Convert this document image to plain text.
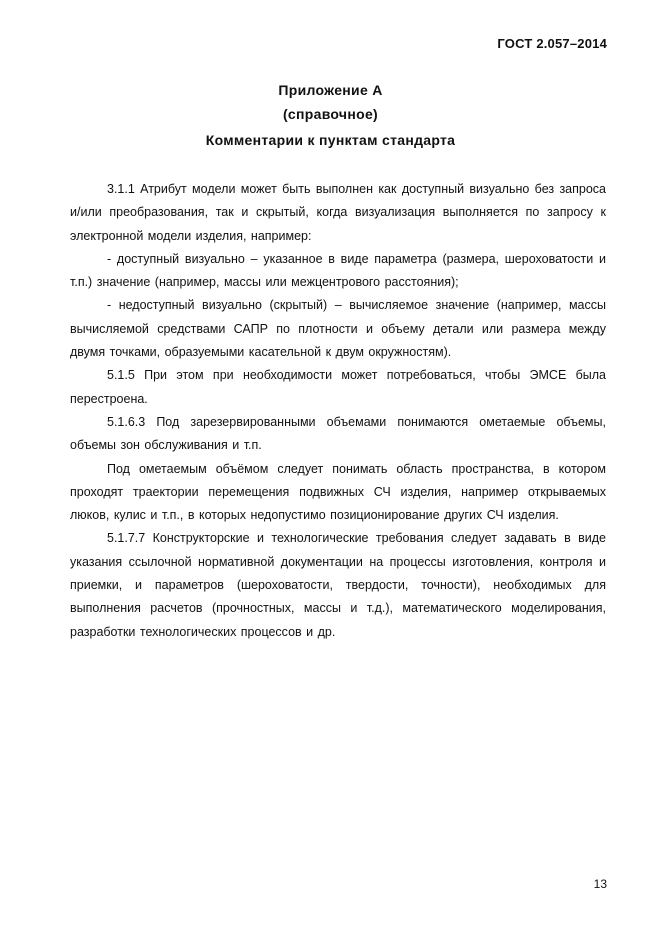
ГОСТ 2.057–2014
Приложение А
(справочное)
Комментарии к пунктам стандарта

3.1.1 Атрибут модели может быть выполнен как доступный визуально без запроса и/или преобразования, так и скрытый, когда визуализация выполняется по запросу к электронной модели изделия, например:

- доступный визуально – указанное в виде параметра (размера, шероховатости и т.п.) значение (например, массы или межцентрового расстояния);

- недоступный визуально (скрытый) – вычисляемое значение (например, массы вычисляемой средствами САПР по плотности и объему детали или размера между двумя точками, образуемыми касательной к двум окружностям).

5.1.5 При этом при необходимости может потребоваться, чтобы ЭМСЕ была перестроена.

5.1.6.3 Под зарезервированными объемами понимаются ометаемые объемы, объемы зон обслуживания и т.п.

Под ометаемым объёмом следует понимать область пространства, в котором проходят траектории перемещения подвижных СЧ изделия, например открываемых люков, кулис и т.п., в которых недопустимо позиционирование других СЧ изделия.

5.1.7.7 Конструкторские и технологические требования следует задавать в виде указания ссылочной нормативной документации на процессы изготовления, контроля и приемки, и параметров (шероховатости, твердости, точности), необходимых для выполнения расчетов (прочностных, массы и т.д.), математического моделирования, разработки технологических процессов и др.

13
